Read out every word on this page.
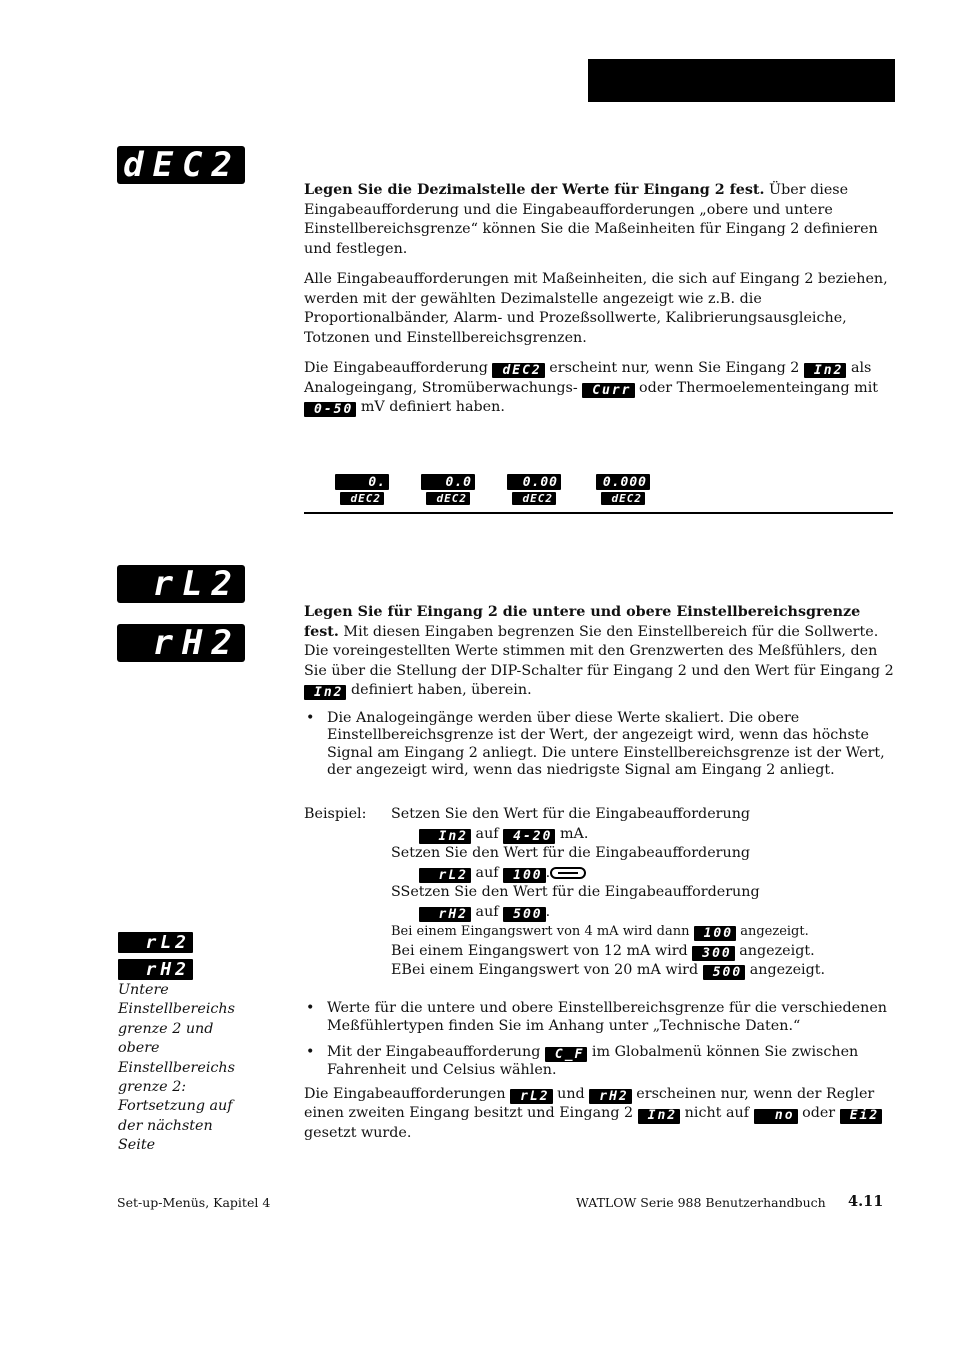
dEC2

Legen Sie die Dezimalstelle der Werte für Eingang 2 fest. Über diese Eingabeaufforderung und die Eingabeaufforderungen „obere und untere Einstellbereichsgrenze“ können Sie die Maßeinheiten für Eingang 2 definieren und festlegen.

Alle Eingabeaufforderungen mit Maßeinheiten, die sich auf Eingang 2 beziehen, werden mit der gewählten Dezimalstelle angezeigt wie z.B. die Proportionalbänder, Alarm- und Prozeßsollwerte, Kalibrierungsausgleiche, Totzonen und Einstellbereichsgrenzen.

Die Eingabeaufforderung dEC2 erscheint nur, wenn Sie Eingang 2 In2 als Analogeingang, Stromüberwachungs- Curr oder Thermoelementeingang mit 0-50 mV definiert haben.

0.
dEC2
0.0
dEC2
0.00
dEC2
0.000
dEC2
rL2
rH2

Legen Sie für Eingang 2 die untere und obere Einstellbereichsgrenze fest. Mit diesen Eingaben begrenzen Sie den Einstellbereich für die Sollwerte. Die voreingestellten Werte stimmen mit den Grenzwerten des Meßfühlers, den Sie über die Stellung der DIP-Schalter für Eingang 2 und den Wert für Eingang 2 In2 definiert haben, überein.

• Die Analogeingänge werden über diese Werte skaliert. Die obere Einstellbereichsgrenze ist der Wert, der angezeigt wird, wenn das höchste Signal am Eingang 2 anliegt. Die untere Einstellbereichsgrenze ist der Wert, der angezeigt wird, wenn das niedrigste Signal am Eingang 2 anliegt.
Beispiel: Setzen Sie den Wert für die Eingabeaufforderung
In2 auf 4-20 mA.
Setzen Sie den Wert für die Eingabeaufforderung
rL2 auf 100 .
SSetzen Sie den Wert für die Eingabeaufforderung
rH2 auf 500 .
Bei einem Eingangswert von 4 mA wird dann 100 angezeigt.
Bei einem Eingangswert von 12 mA wird 300 angezeigt.
EBei einem Eingangswert von 20 mA wird 500 angezeigt.
rL2
rH2
Untere Einstellbereichs grenze 2 und obere Einstellbereichs grenze 2: Fortsetzung auf der nächsten Seite
• Werte für die untere und obere Einstellbereichsgrenze für die verschiedenen Meßfühlertypen finden Sie im Anhang unter „Technische Daten.“
• Mit der Eingabeaufforderung C_F im Globalmenü können Sie zwischen Fahrenheit und Celsius wählen.

Die Eingabeaufforderungen rL2 und rH2 erscheinen nur, wenn der Regler einen zweiten Eingang besitzt und Eingang 2 In2 nicht auf no oder Ei2 gesetzt wurde.

Set-up-Menüs, Kapitel 4	WATLOW Serie 988 Benutzerhandbuch 4.11
